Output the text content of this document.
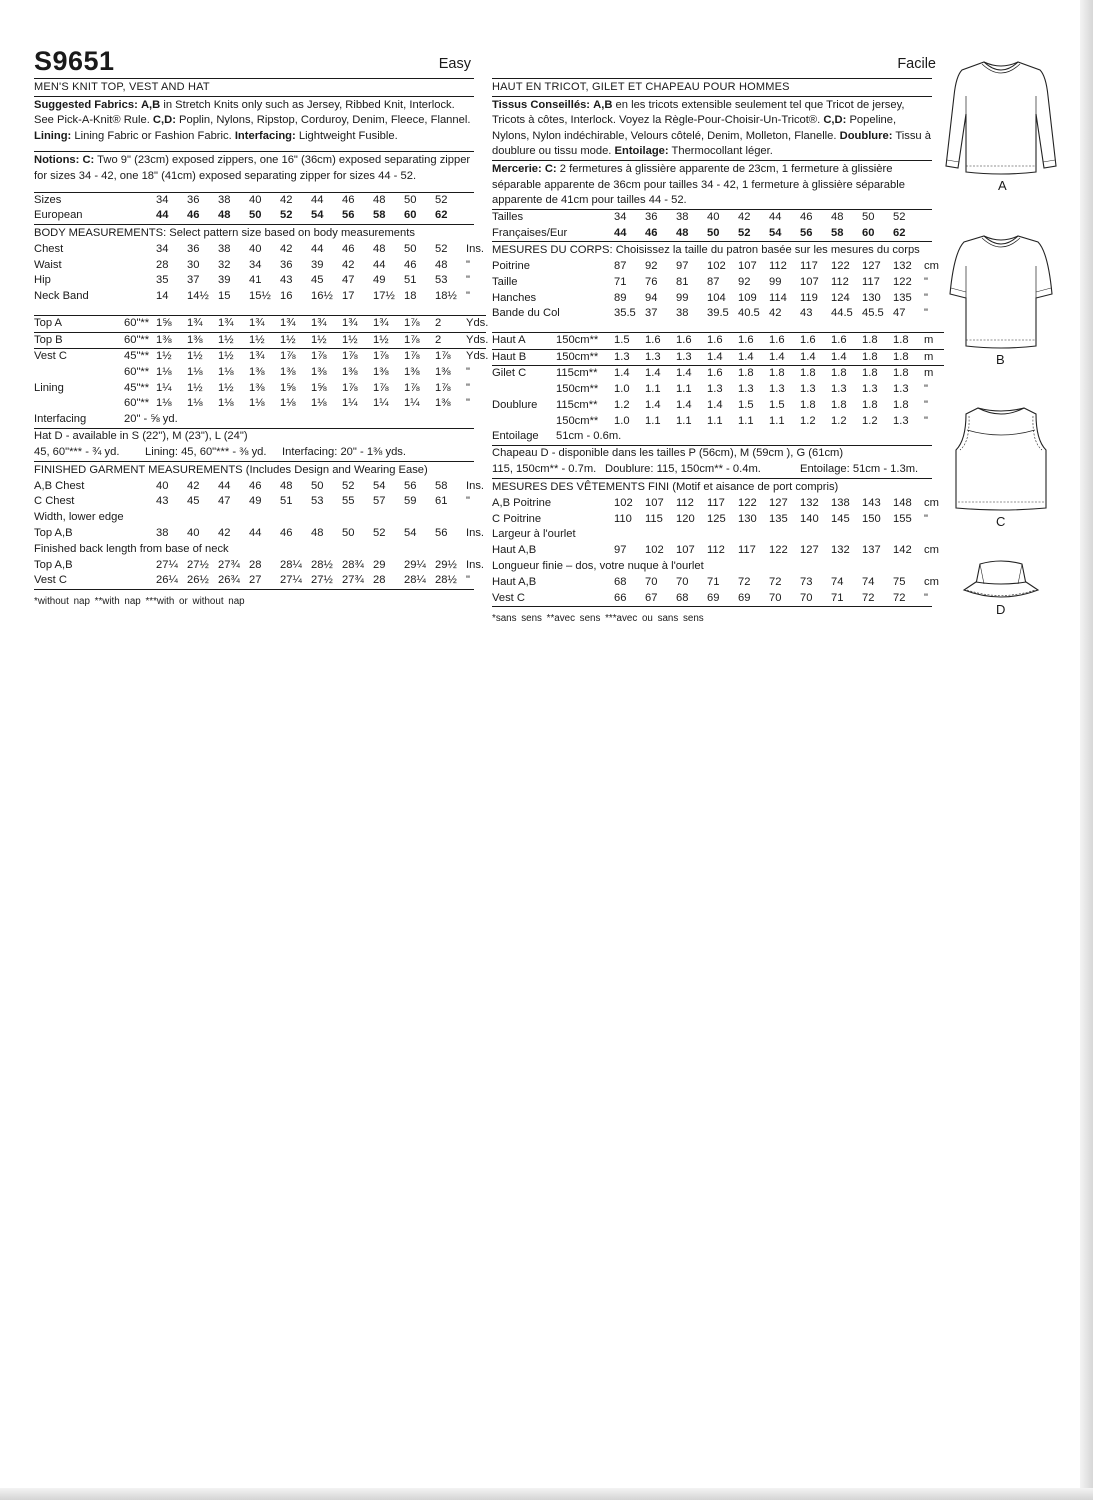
S9651	Easy
MEN'S KNIT TOP, VEST AND HAT
Suggested Fabrics: A,B in Stretch Knits only such as Jersey, Ribbed Knit, Interlock. See Pick-A-Knit® Rule. C,D: Poplin, Nylons, Ripstop, Corduroy, Denim, Fleece, Flannel. Lining: Lining Fabric or Fashion Fabric. Interfacing: Lightweight Fusible.
Notions: C: Two 9" (23cm) exposed zippers, one 16" (36cm) exposed separating zipper for sizes 34 - 42, one 18" (41cm) exposed separating zipper for sizes 44 - 52.
Sizes		34	36	38	40	42	44	46	48	50	52	
European		44	46	48	50	52	54	56	58	60	62	
BODY MEASUREMENTS: Select pattern size based on body measurements
Chest		34	36	38	40	42	44	46	48	50	52	Ins.
Waist		28	30	32	34	36	39	42	44	46	48	"
Hip		35	37	39	41	43	45	47	49	51	53	"
Neck Band		14	14½	15	15½	16	16½	17	17½	18	18½	"
Top A	60"**	1⅝	1¾	1¾	1¾	1¾	1¾	1¾	1¾	1⅞	2	Yds.
Top B	60"**	1⅜	1⅜	1½	1½	1½	1½	1½	1½	1⅞	2	Yds.
Vest C	45"**	1½	1½	1½	1¾	1⅞	1⅞	1⅞	1⅞	1⅞	1⅞	Yds.
	60"**	1⅛	1⅛	1⅛	1⅜	1⅜	1⅜	1⅜	1⅜	1⅜	1⅜	"
Lining	45"**	1¼	1½	1½	1⅜	1⅝	1⅝	1⅞	1⅞	1⅞	1⅞	"
	60"**	1⅛	1⅛	1⅛	1⅛	1⅛	1⅛	1¼	1¼	1¼	1⅜	"
Interfacing	20" - ⅝ yd.											
Hat D - available in S (22"), M (23"), L (24")
45, 60"*** - ¾ yd. Lining: 45, 60"*** - ⅜ yd. Interfacing: 20" - 1⅜ yds.
FINISHED GARMENT MEASUREMENTS (Includes Design and Wearing Ease)
A,B Chest		40	42	44	46	48	50	52	54	56	58	Ins.
C Chest		43	45	47	49	51	53	55	57	59	61	"
Width, lower edge												
Top A,B		38	40	42	44	46	48	50	52	54	56	Ins.
Finished back length from base of neck												
Top A,B		27¼	27½	27¾	28	28¼	28½	28¾	29	29¼	29½	Ins.
Vest C		26¼	26½	26¾	27	27¼	27½	27¾	28	28¼	28½	"
*without nap **with nap ***with or without nap
Facile
HAUT EN TRICOT, GILET ET CHAPEAU POUR HOMMES
Tissus Conseillés: A,B en les tricots extensible seulement tel que Tricot de jersey, Tricots à côtes, Interlock. Voyez la Règle-Pour-Choisir-Un-Tricot®. C,D: Popeline, Nylons, Nylon indéchirable, Velours côtelé, Denim, Molleton, Flanelle. Doublure: Tissu à doublure ou tissu mode. Entoilage: Thermocollant léger.
Mercerie: C: 2 fermetures à glissière apparente de 23cm, 1 fermeture à glissière séparable apparente de 36cm pour tailles 34 - 42, 1 fermeture à glissière séparable apparente de 41cm pour tailles 44 - 52.
Tailles		34	36	38	40	42	44	46	48	50	52	
Françaises/Eur		44	46	48	50	52	54	56	58	60	62	
MESURES DU CORPS: Choisissez la taille du patron basée sur les mesures du corps
Poitrine		87	92	97	102	107	112	117	122	127	132	cm
Taille		71	76	81	87	92	99	107	112	117	122	"
Hanches		89	94	99	104	109	114	119	124	130	135	"
Bande du Col		35.5	37	38	39.5	40.5	42	43	44.5	45.5	47	"
Haut A	150cm**	1.5	1.6	1.6	1.6	1.6	1.6	1.6	1.6	1.8	1.8	m
Haut B	150cm**	1.3	1.3	1.3	1.4	1.4	1.4	1.4	1.4	1.8	1.8	m
Gilet C	115cm**	1.4	1.4	1.4	1.6	1.8	1.8	1.8	1.8	1.8	1.8	m
	150cm**	1.0	1.1	1.1	1.3	1.3	1.3	1.3	1.3	1.3	1.3	"
Doublure	115cm**	1.2	1.4	1.4	1.4	1.5	1.5	1.8	1.8	1.8	1.8	"
	150cm**	1.0	1.1	1.1	1.1	1.1	1.1	1.2	1.2	1.2	1.3	"
Entoilage	51cm - 0.6m.											
Chapeau D - disponible dans les tailles P (56cm), M (59cm ), G (61cm)
115, 150cm** - 0.7m. Doublure: 115, 150cm** - 0.4m.	Entoilage: 51cm - 1.3m.
MESURES DES VÊTEMENTS FINI (Motif et aisance de port compris)
A,B Poitrine		102	107	112	117	122	127	132	138	143	148	cm
C Poitrine		110	115	120	125	130	135	140	145	150	155	"
Largeur à l'ourlet												
Haut A,B		97	102	107	112	117	122	127	132	137	142	cm
Longueur finie – dos, votre nuque à l'ourlet												
Haut A,B		68	70	70	71	72	72	73	74	74	75	cm
Vest C		66	67	68	69	69	70	70	71	72	72	"
*sans sens **avec sens ***avec ou sans sens
A
B
C
D
